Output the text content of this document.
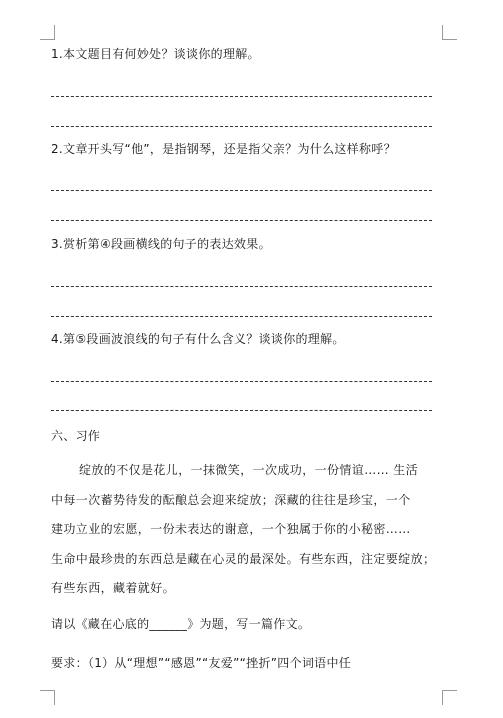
1.本文题目有何妙处？谈谈你的理解。
2.文章开头写“他”，是指钢琴，还是指父亲？为什么这样称呼？
3.赏析第④段画横线的句子的表达效果。
4.第⑤段画波浪线的句子有什么含义？谈谈你的理解。
六、习作
绽放的不仅是花儿，一抹微笑，一次成功，一份情谊…… 生活
中每一次蓄势待发的酝酿总会迎来绽放；深藏的往往是珍宝，一个
建功立业的宏愿，一份未表达的谢意，一个独属于你的小秘密……
生命中最珍贵的东西总是藏在心灵的最深处。有些东西，注定要绽放；
有些东西，藏着就好。
请以《藏在心底的______》为题，写一篇作文。
要求：（1）从“理想”“感恩”“友爱”“挫折”四个词语中任
